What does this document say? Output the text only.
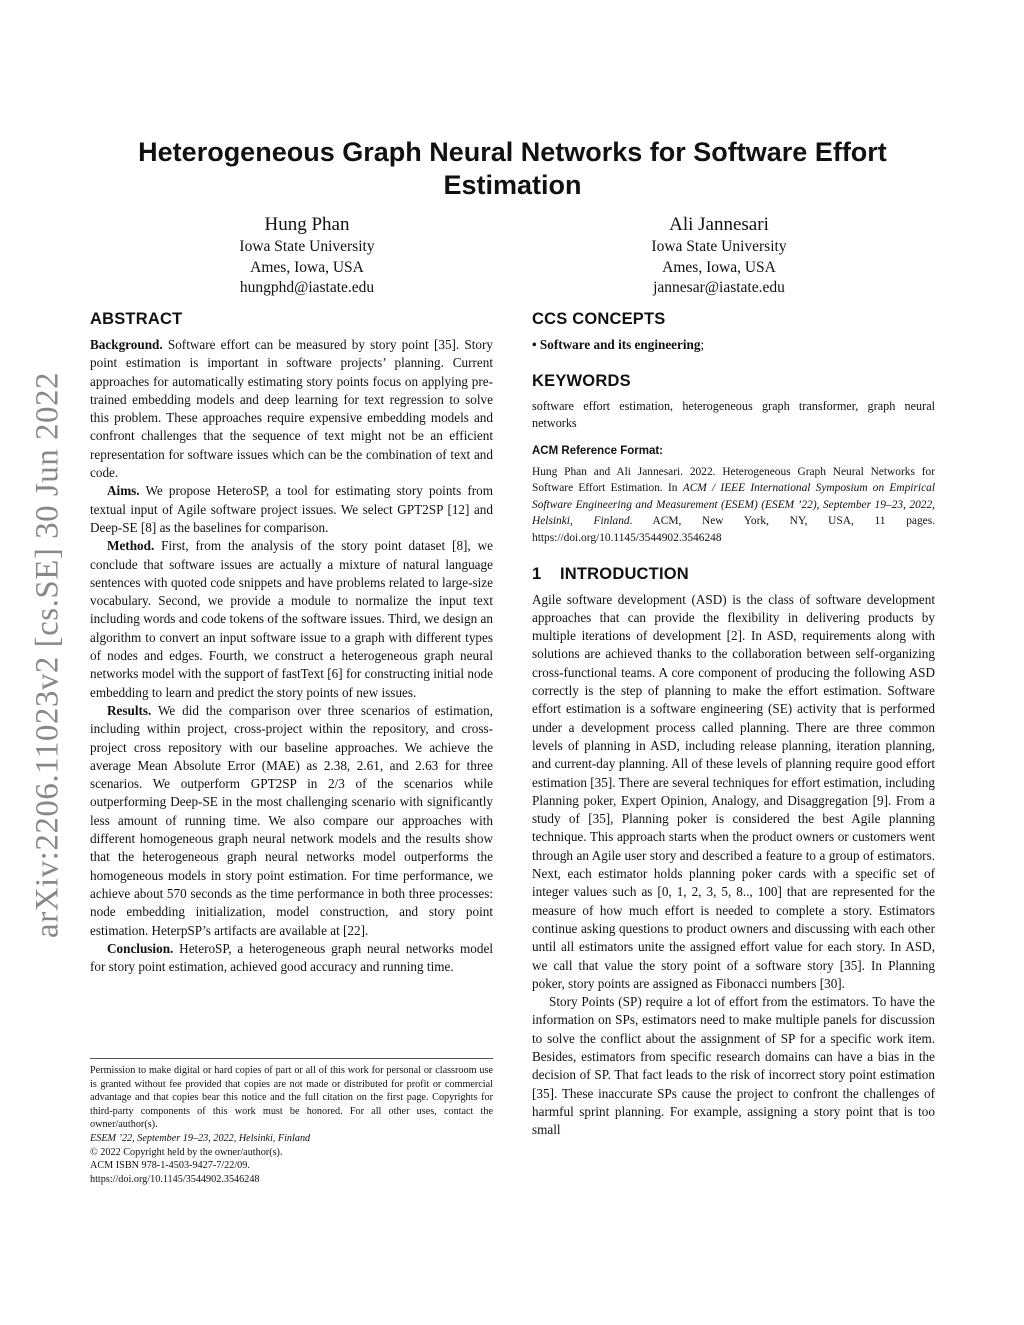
arXiv:2206.11023v2 [cs.SE] 30 Jun 2022
Heterogeneous Graph Neural Networks for Software Effort Estimation
Hung Phan
Iowa State University
Ames, Iowa, USA
hungphd@iastate.edu
Ali Jannesari
Iowa State University
Ames, Iowa, USA
jannesar@iastate.edu
ABSTRACT

Background. Software effort can be measured by story point [35]. Story point estimation is important in software projects’ planning. Current approaches for automatically estimating story points focus on applying pre-trained embedding models and deep learning for text regression to solve this problem. These approaches require expensive embedding models and confront challenges that the sequence of text might not be an efficient representation for software issues which can be the combination of text and code.

Aims. We propose HeteroSP, a tool for estimating story points from textual input of Agile software project issues. We select GPT2SP [12] and Deep-SE [8] as the baselines for comparison.

Method. First, from the analysis of the story point dataset [8], we conclude that software issues are actually a mixture of natural language sentences with quoted code snippets and have problems related to large-size vocabulary. Second, we provide a module to normalize the input text including words and code tokens of the software issues. Third, we design an algorithm to convert an input software issue to a graph with different types of nodes and edges. Fourth, we construct a heterogeneous graph neural networks model with the support of fastText [6] for constructing initial node embedding to learn and predict the story points of new issues.

Results. We did the comparison over three scenarios of estimation, including within project, cross-project within the repository, and cross-project cross repository with our baseline approaches. We achieve the average Mean Absolute Error (MAE) as 2.38, 2.61, and 2.63 for three scenarios. We outperform GPT2SP in 2/3 of the scenarios while outperforming Deep-SE in the most challenging scenario with significantly less amount of running time. We also compare our approaches with different homogeneous graph neural network models and the results show that the heterogeneous graph neural networks model outperforms the homogeneous models in story point estimation. For time performance, we achieve about 570 seconds as the time performance in both three processes: node embedding initialization, model construction, and story point estimation. HeterpSP’s artifacts are available at [22].

Conclusion. HeteroSP, a heterogeneous graph neural networks model for story point estimation, achieved good accuracy and running time.

Permission to make digital or hard copies of part or all of this work for personal or classroom use is granted without fee provided that copies are not made or distributed for profit or commercial advantage and that copies bear this notice and the full citation on the first page. Copyrights for third-party components of this work must be honored. For all other uses, contact the owner/author(s).

ESEM ’22, September 19–23, 2022, Helsinki, Finland
© 2022 Copyright held by the owner/author(s).
ACM ISBN 978-1-4503-9427-7/22/09.
https://doi.org/10.1145/3544902.3546248
CCS CONCEPTS

• Software and its engineering;

KEYWORDS

software effort estimation, heterogeneous graph transformer, graph neural networks

ACM Reference Format:

Hung Phan and Ali Jannesari. 2022. Heterogeneous Graph Neural Networks for Software Effort Estimation. In ACM / IEEE International Symposium on Empirical Software Engineering and Measurement (ESEM) (ESEM ’22), September 19–23, 2022, Helsinki, Finland. ACM, New York, NY, USA, 11 pages. https://doi.org/10.1145/3544902.3546248

1 INTRODUCTION

Agile software development (ASD) is the class of software development approaches that can provide the flexibility in delivering products by multiple iterations of development [2]. In ASD, requirements along with solutions are achieved thanks to the collaboration between self-organizing cross-functional teams. A core component of producing the following ASD correctly is the step of planning to make the effort estimation. Software effort estimation is a software engineering (SE) activity that is performed under a development process called planning. There are three common levels of planning in ASD, including release planning, iteration planning, and current-day planning. All of these levels of planning require good effort estimation [35]. There are several techniques for effort estimation, including Planning poker, Expert Opinion, Analogy, and Disaggregation [9]. From a study of [35], Planning poker is considered the best Agile planning technique. This approach starts when the product owners or customers went through an Agile user story and described a feature to a group of estimators. Next, each estimator holds planning poker cards with a specific set of integer values such as [0, 1, 2, 3, 5, 8.., 100] that are represented for the measure of how much effort is needed to complete a story. Estimators continue asking questions to product owners and discussing with each other until all estimators unite the assigned effort value for each story. In ASD, we call that value the story point of a software story [35]. In Planning poker, story points are assigned as Fibonacci numbers [30].

Story Points (SP) require a lot of effort from the estimators. To have the information on SPs, estimators need to make multiple panels for discussion to solve the conflict about the assignment of SP for a specific work item. Besides, estimators from specific research domains can have a bias in the decision of SP. That fact leads to the risk of incorrect story point estimation [35]. These inaccurate SPs cause the project to confront the challenges of harmful sprint planning. For example, assigning a story point that is too small
